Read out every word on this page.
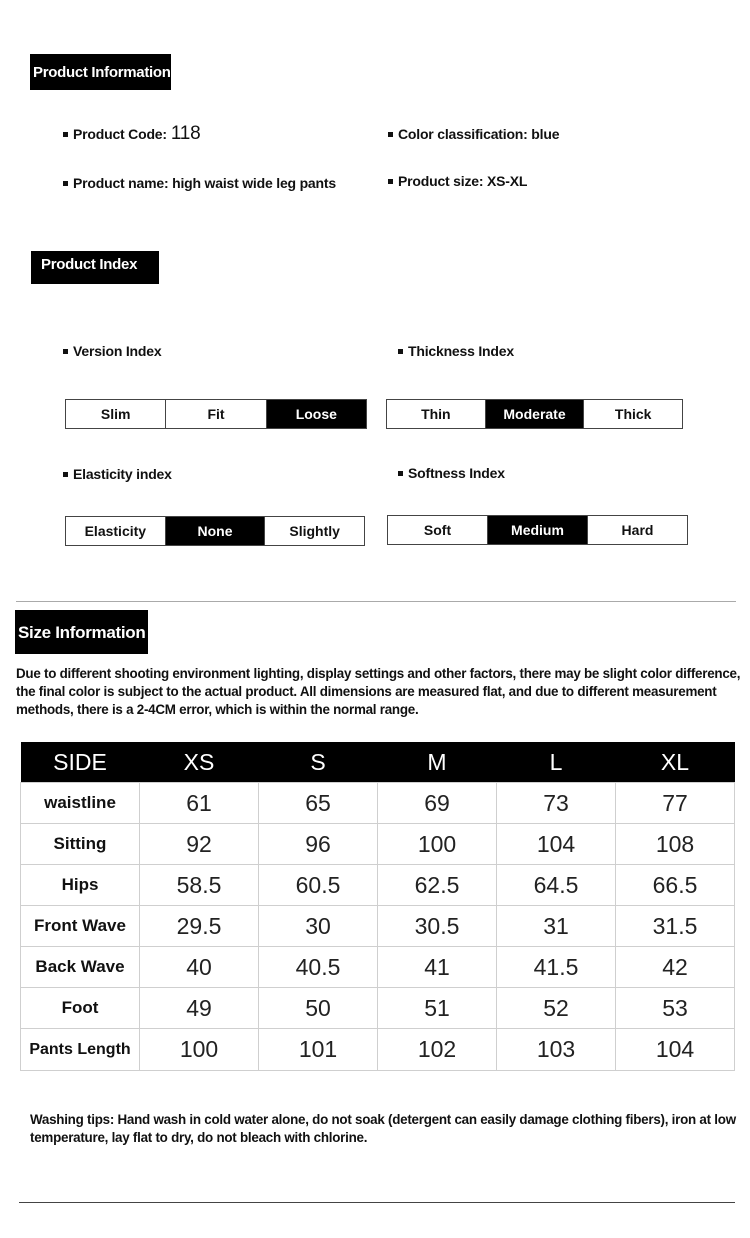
Product Information
Product Code: 118	Color classification: blue
Product name: high waist wide leg pants	Product size: XS-XL
Product Index
Version Index	Thickness Index
Slim	Fit	Loose	Thin	Moderate	Thick
Elasticity index	Softness Index
Elasticity	None	Slightly	Soft	Medium	Hard
Size Information
Due to different shooting environment lighting, display settings and other factors, there may be slight color difference, the final color is subject to the actual product. All dimensions are measured flat, and due to different measurement methods, there is a 2-4CM error, which is within the normal range.
SIDE	XS	S	M	L	XL
waistline	61	65	69	73	77
Sitting	92	96	100	104	108
Hips	58.5	60.5	62.5	64.5	66.5
Front Wave	29.5	30	30.5	31	31.5
Back Wave	40	40.5	41	41.5	42
Foot	49	50	51	52	53
Pants Length	100	101	102	103	104
Washing tips: Hand wash in cold water alone, do not soak (detergent can easily damage clothing fibers), iron at low temperature, lay flat to dry, do not bleach with chlorine.
